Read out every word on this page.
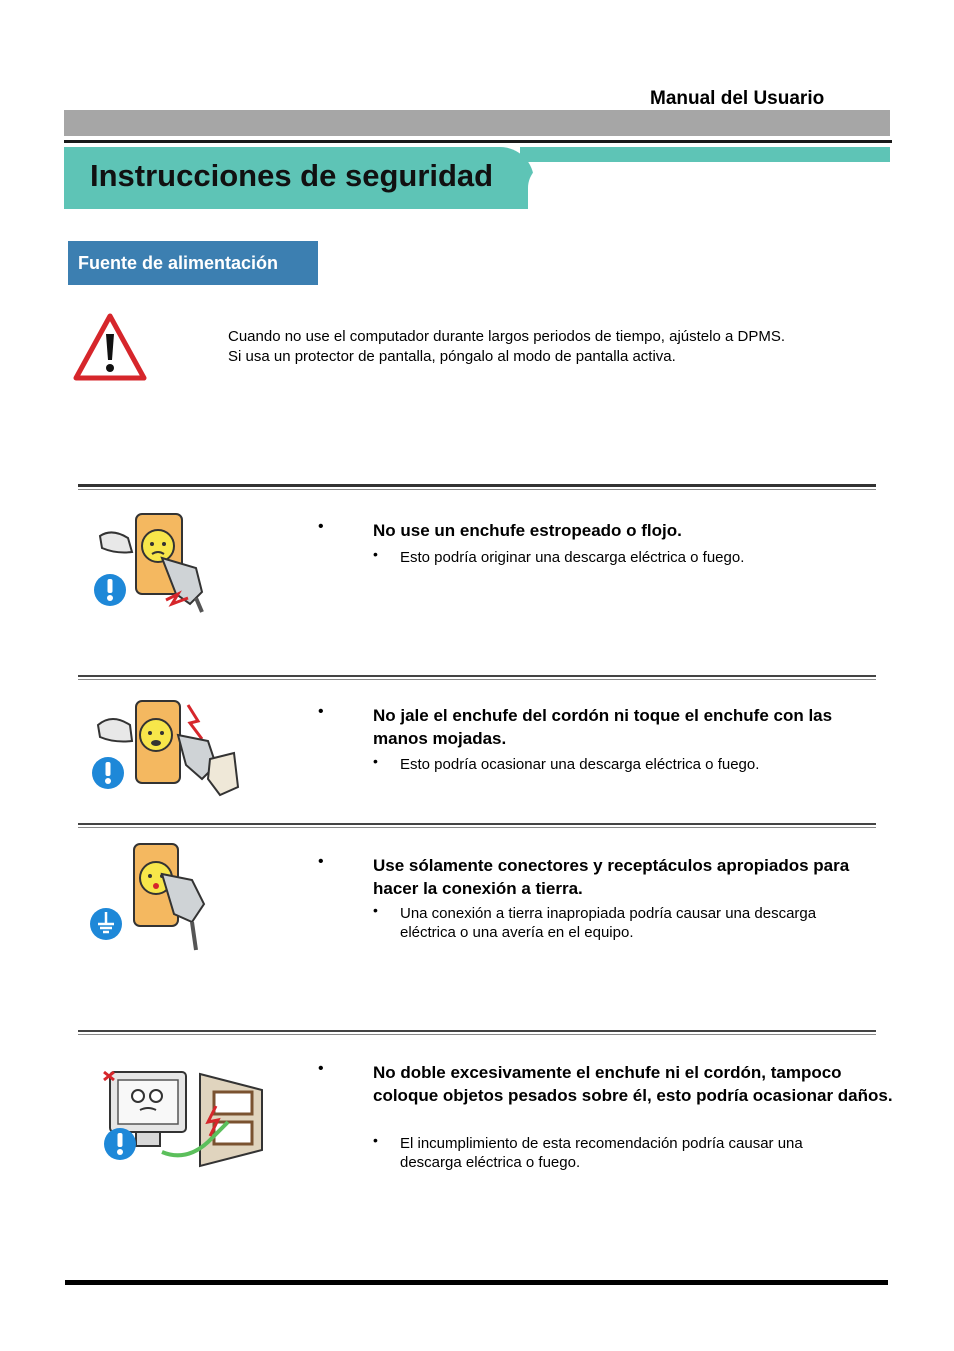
Manual del Usuario
Instrucciones de seguridad
Fuente de alimentación
Cuando no use el computador durante largos periodos de tiempo, ajústelo a DPMS.
Si usa un protector de pantalla, póngalo al modo de pantalla activa.
•	No use un enchufe estropeado o flojo.
• Esto podría originar una descarga eléctrica o fuego.
•	No jale el enchufe del cordón ni toque el enchufe con las manos mojadas.
• Esto podría ocasionar una descarga eléctrica o fuego.
•	Use sólamente conectores y receptáculos apropiados para hacer la conexión a tierra.
• Una conexión a tierra inapropiada podría causar una descarga eléctrica o una avería en el equipo.
•	No doble excesivamente el enchufe ni el cordón, tampoco coloque objetos pesados sobre él, esto podría ocasionar daños.
• El incumplimiento de esta recomendación podría causar una descarga eléctrica o fuego.
